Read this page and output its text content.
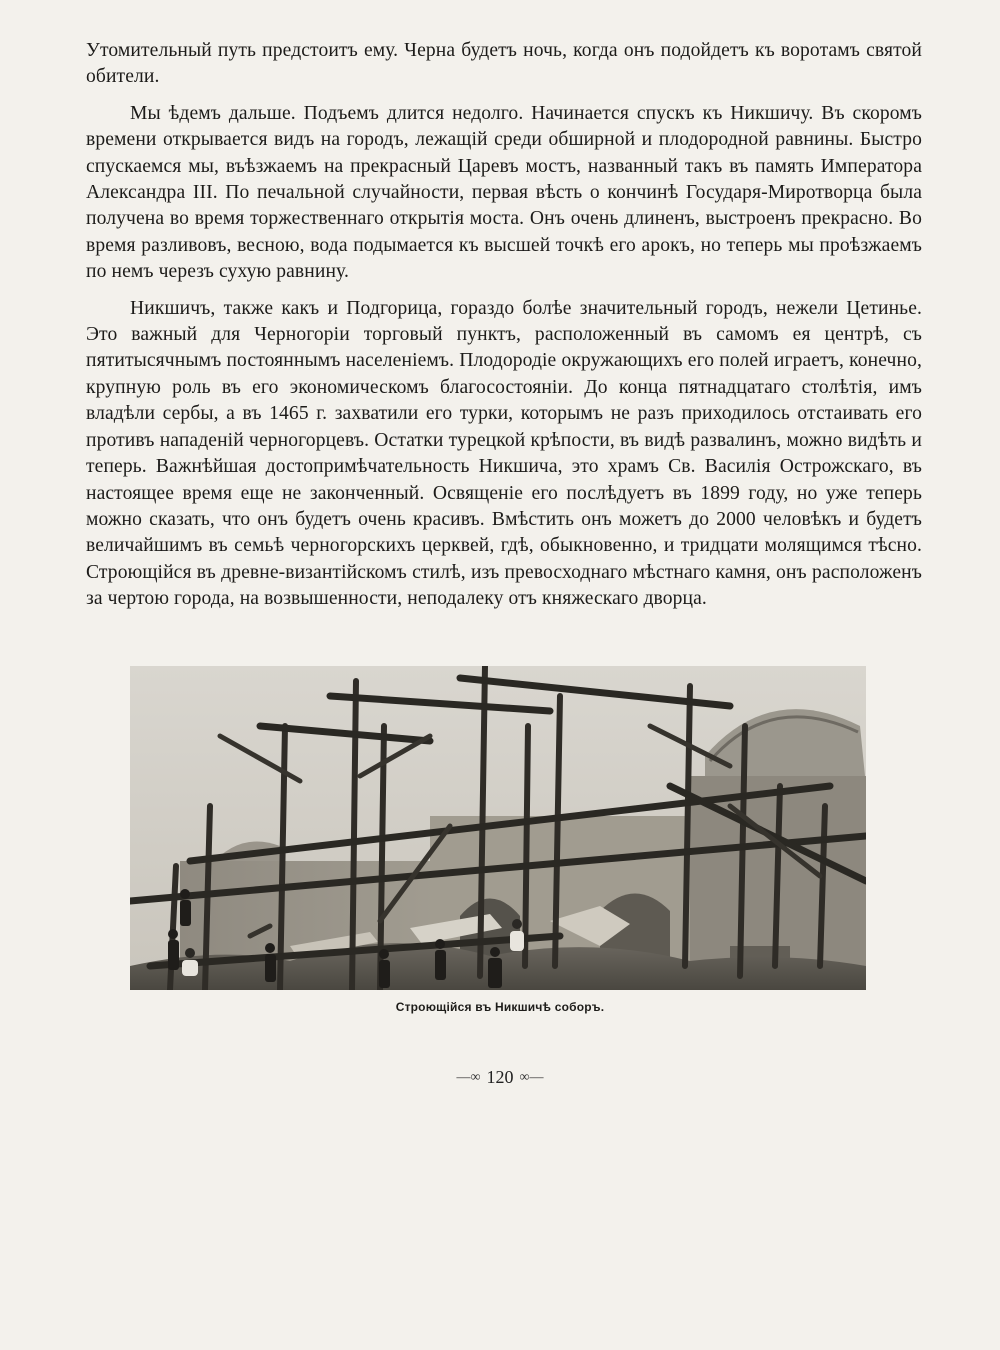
Утомительный путь предстоитъ ему. Черна будетъ ночь, когда онъ подойдетъ къ воротамъ святой обители.

Мы ѣдемъ дальше. Подъемъ длится недолго. Начинается спускъ къ Никшичу. Въ скоромъ времени открывается видъ на городъ, лежащій среди обширной и плодородной равнины. Быстро спускаемся мы, въѣзжаемъ на прекрасный Царевъ мостъ, названный такъ въ память Императора Александра III. По печальной случайности, первая вѣсть о кончинѣ Государя-Миротворца была получена во время торжественнаго открытія моста. Онъ очень длиненъ, выстроенъ прекрасно. Во время разливовъ, весною, вода подымается къ высшей точкѣ его арокъ, но теперь мы проѣзжаемъ по немъ черезъ сухую равнину.

Никшичъ, также какъ и Подгорица, гораздо болѣе значительный городъ, нежели Цетинье. Это важный для Черногоріи торговый пунктъ, расположенный въ самомъ ея центрѣ, съ пятитысячнымъ постояннымъ населеніемъ. Плодородіе окружающихъ его полей играетъ, конечно, крупную роль въ его экономическомъ благосостояніи. До конца пятнадцатаго столѣтія, имъ владѣли сербы, а въ 1465 г. захватили его турки, которымъ не разъ приходилось отстаивать его противъ нападеній черногорцевъ. Остатки турецкой крѣпости, въ видѣ развалинъ, можно видѣть и теперь. Важнѣйшая достопримѣчательность Никшича, это храмъ Св. Василія Острожскаго, въ настоящее время еще не законченный. Освященіе его послѣдуетъ въ 1899 году, но уже теперь можно сказать, что онъ будетъ очень красивъ. Вмѣстить онъ можетъ до 2000 человѣкъ и будетъ величайшимъ въ семьѣ черногорскихъ церквей, гдѣ, обыкновенно, и тридцати молящимся тѣсно. Строющійся въ древне-византійскомъ стилѣ, изъ превосходнаго мѣстнаго камня, онъ расположенъ за чертою города, на возвышенности, неподалеку отъ княжескаго дворца.

Строющійся въ Никшичѣ соборъ.
—∞ 120 ∞—
